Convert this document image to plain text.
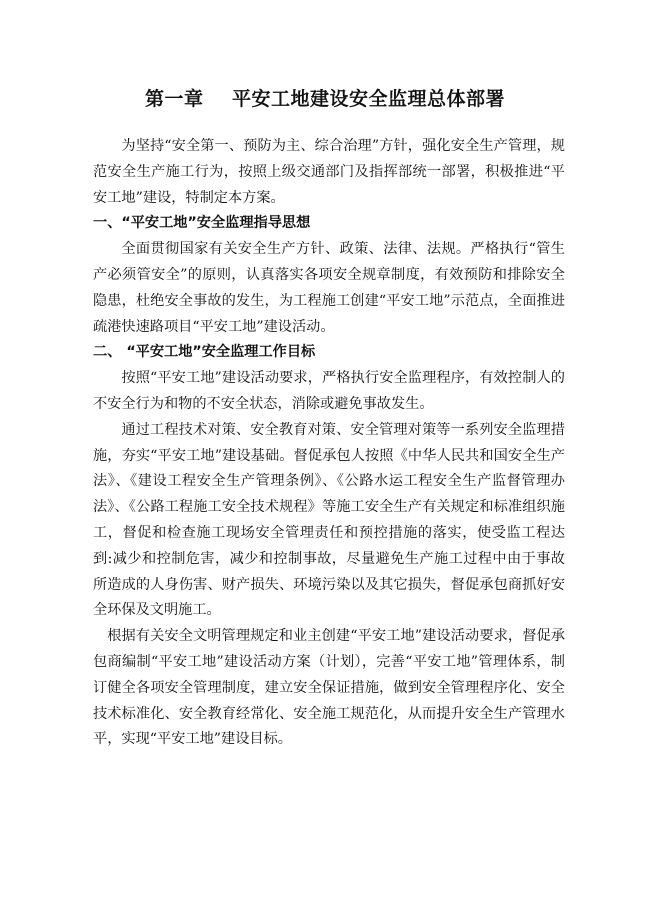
第一章    平安工地建设安全监理总体部署

为坚持“安全第一、预防为主、综合治理”方针，强化安全生产管理，规范安全生产施工行为，按照上级交通部门及指挥部统一部署，积极推进“平安工地”建设，特制定本方案。

一、“平安工地”安全监理指导思想

全面贯彻国家有关安全生产方针、政策、法律、法规。严格执行“管生产必须管安全”的原则，认真落实各项安全规章制度，有效预防和排除安全隐患，杜绝安全事故的发生，为工程施工创建“平安工地”示范点，全面推进疏港快速路项目“平安工地”建设活动。

二、 “平安工地”安全监理工作目标

按照“平安工地”建设活动要求，严格执行安全监理程序，有效控制人的不安全行为和物的不安全状态，消除或避免事故发生。

通过工程技术对策、安全教育对策、安全管理对策等一系列安全监理措施，夯实“平安工地”建设基础。督促承包人按照《中华人民共和国安全生产法》、《建设工程安全生产管理条例》、《公路水运工程安全生产监督管理办法》、《公路工程施工安全技术规程》等施工安全生产有关规定和标准组织施工，督促和检查施工现场安全管理责任和预控措施的落实，使受监工程达到:减少和控制危害，减少和控制事故，尽量避免生产施工过程中由于事故所造成的人身伤害、财产损失、环境污染以及其它损失，督促承包商抓好安全环保及文明施工。

根据有关安全文明管理规定和业主创建“平安工地”建设活动要求，督促承包商编制“平安工地”建设活动方案（计划），完善“平安工地”管理体系，制订健全各项安全管理制度，建立安全保证措施，做到安全管理程序化、安全技术标准化、安全教育经常化、安全施工规范化，从而提升安全生产管理水平，实现“平安工地”建设目标。
